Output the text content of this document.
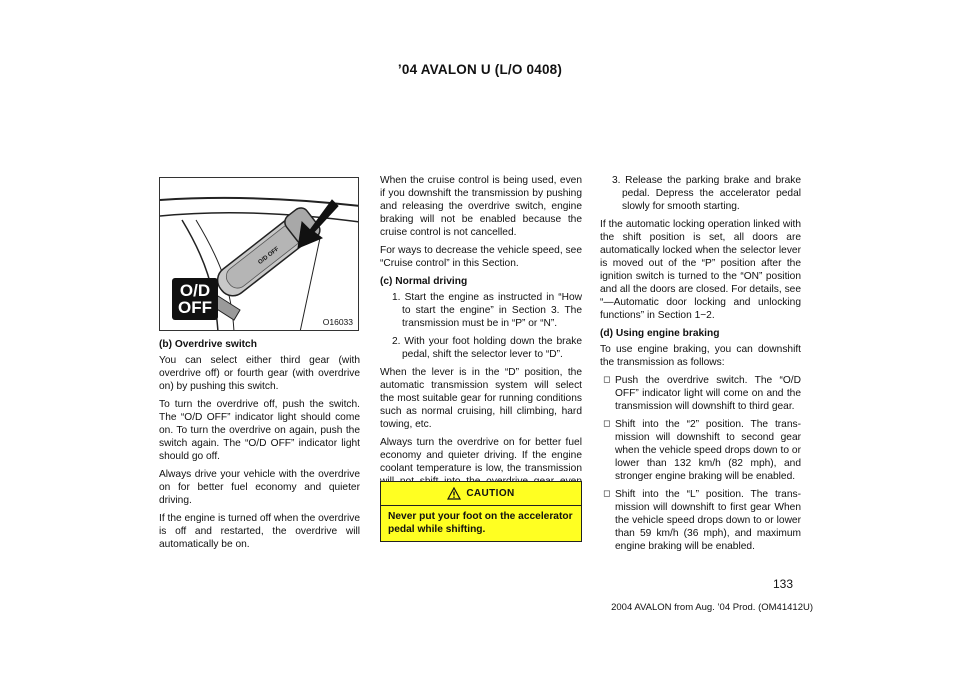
’04 AVALON U (L/O 0408)
O/D OFF
O/D
OFF
O16033

(b) Overdrive switch

You can select either third gear (with overdrive off) or fourth gear (with overdrive on) by pushing this switch.

To turn the overdrive off, push the switch. The “O/D OFF” indicator light should come on. To turn the overdrive on again, push the switch again. The “O/D OFF” indicator light should go off.

Always drive your vehicle with the overdrive on for better fuel economy and quieter driving.

If the engine is turned off when the overdrive is off and restarted, the overdrive will automatically be on.

When the cruise control is being used, even if you downshift the transmission by pushing and releasing the overdrive switch, engine braking will not be enabled because the cruise control is not cancelled.

For ways to decrease the vehicle speed, see “Cruise control” in this Section.

(c) Normal driving

1. Start the engine as instructed in “How to start the engine” in Section 3. The transmission must be in “P” or “N”.

2. With your foot holding down the brake pedal, shift the selector lever to “D”.

When the lever is in the “D” position, the automatic transmission system will select the most suitable gear for running conditions such as normal cruising, hill climbing, hard towing, etc.

Always turn the overdrive on for better fuel economy and quieter driving. If the engine coolant temperature is low, the transmission

CAUTION
Never put your foot on the accelerator pedal while shifting.

3. Release the parking brake and brake pedal. Depress the accelerator pedal slowly for smooth starting.

If the automatic locking operation linked with the shift position is set, all doors are automatically locked when the selector lever is moved out of the “P” position after the ignition switch is turned to the “ON” position and all the doors are closed. For details, see “—Automatic door locking and unlocking functions” in Section 1−2.

(d) Using engine braking

To use engine braking, you can downshift the transmission as follows:

◻ Push the overdrive switch. The “O/D OFF” indicator light will come on and the transmission will downshift to third gear.

◻ Shift into the “2” position. The transmission will downshift to second gear when the vehicle speed drops down to or lower than 132 km/h (82 mph), and stronger engine braking will be enabled.

◻ Shift into the “L” position. The transmission will downshift to first gear When the vehicle speed drops down to or lower than 59 km/h (36 mph), and maximum engine braking will be enabled.

133
2004 AVALON from Aug. ’04 Prod. (OM41412U)
